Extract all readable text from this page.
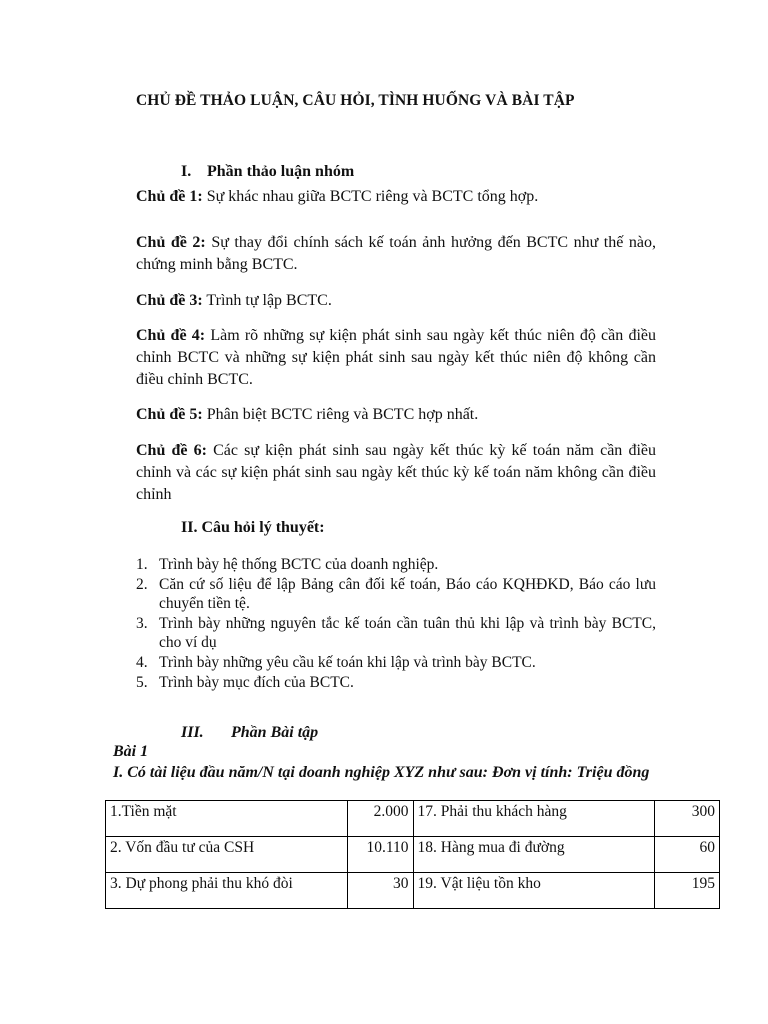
CHỦ ĐỀ THẢO LUẬN, CÂU HỎI, TÌNH HUỐNG VÀ BÀI TẬP
I. Phần thảo luận nhóm

Chủ đề 1: Sự khác nhau giữa BCTC riêng và BCTC tổng hợp.

Chủ đề 2: Sự thay đổi chính sách kế toán ảnh hưởng đến BCTC như thế nào, chứng minh bằng BCTC.

Chủ đề 3: Trình tự lập BCTC.

Chủ đề 4: Làm rõ những sự kiện phát sinh sau ngày kết thúc niên độ cần điều chỉnh BCTC và những sự kiện phát sinh sau ngày kết thúc niên độ không cần điều chỉnh BCTC.

Chủ đề 5: Phân biệt BCTC riêng và BCTC hợp nhất.

Chủ đề 6: Các sự kiện phát sinh sau ngày kết thúc kỳ kế toán năm cần điều chỉnh và các sự kiện phát sinh sau ngày kết thúc kỳ kế toán năm không cần điều chỉnh

II. Câu hỏi lý thuyết:
1. Trình bày hệ thống BCTC của doanh nghiệp.
2. Căn cứ số liệu để lập Bảng cân đối kế toán, Báo cáo KQHĐKD, Báo cáo lưu chuyển tiền tệ.
3. Trình bày những nguyên tắc kế toán cần tuân thủ khi lập và trình bày BCTC, cho ví dụ
4. Trình bày những yêu cầu kế toán khi lập và trình bày BCTC.
5. Trình bày mục đích của BCTC.
III. Phần Bài tập
Bài 1
I. Có tài liệu đầu năm/N tại doanh nghiệp XYZ như sau: Đơn vị tính: Triệu đồng
1.Tiền mặt	2.000	17. Phải thu khách hàng	300
2. Vốn đầu tư của CSH	10.110	18. Hàng mua đi đường	60
3. Dự phong phải thu khó đòi	30	19. Vật liệu tồn kho	195
